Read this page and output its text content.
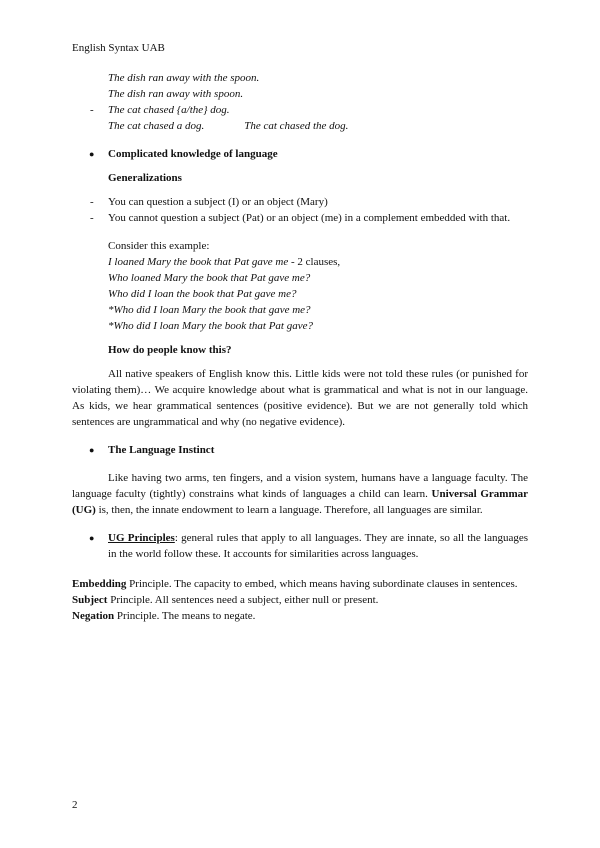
English Syntax UAB
The dish ran away with the spoon.
The dish ran away with spoon.
- The cat chased {a/the} dog.
The cat chased a dog.	The cat chased the dog.
● Complicated knowledge of language
Generalizations
- You can question a subject (I) or an object (Mary)
- You cannot question a subject (Pat) or an object (me) in a complement embedded with that.
Consider this example:
I loaned Mary the book that Pat gave me - 2 clauses,
Who loaned Mary the book that Pat gave me?
Who did I loan the book that Pat gave me?
*Who did I loan Mary the book that gave me?
*Who did I loan Mary the book that Pat gave?
How do people know this?
All native speakers of English know this. Little kids were not told these rules (or punished for violating them)… We acquire knowledge about what is grammatical and what is not in our language. As kids, we hear grammatical sentences (positive evidence). But we are not generally told which sentences are ungrammatical and why (no negative evidence).
● The Language Instinct
Like having two arms, ten fingers, and a vision system, humans have a language faculty. The language faculty (tightly) constrains what kinds of languages a child can learn. Universal Grammar (UG) is, then, the innate endowment to learn a language. Therefore, all languages are similar.
● UG Principles: general rules that apply to all languages. They are innate, so all the languages in the world follow these. It accounts for similarities across languages.
Embedding Principle. The capacity to embed, which means having subordinate clauses in sentences.
Subject Principle. All sentences need a subject, either null or present.
Negation Principle. The means to negate.
2
